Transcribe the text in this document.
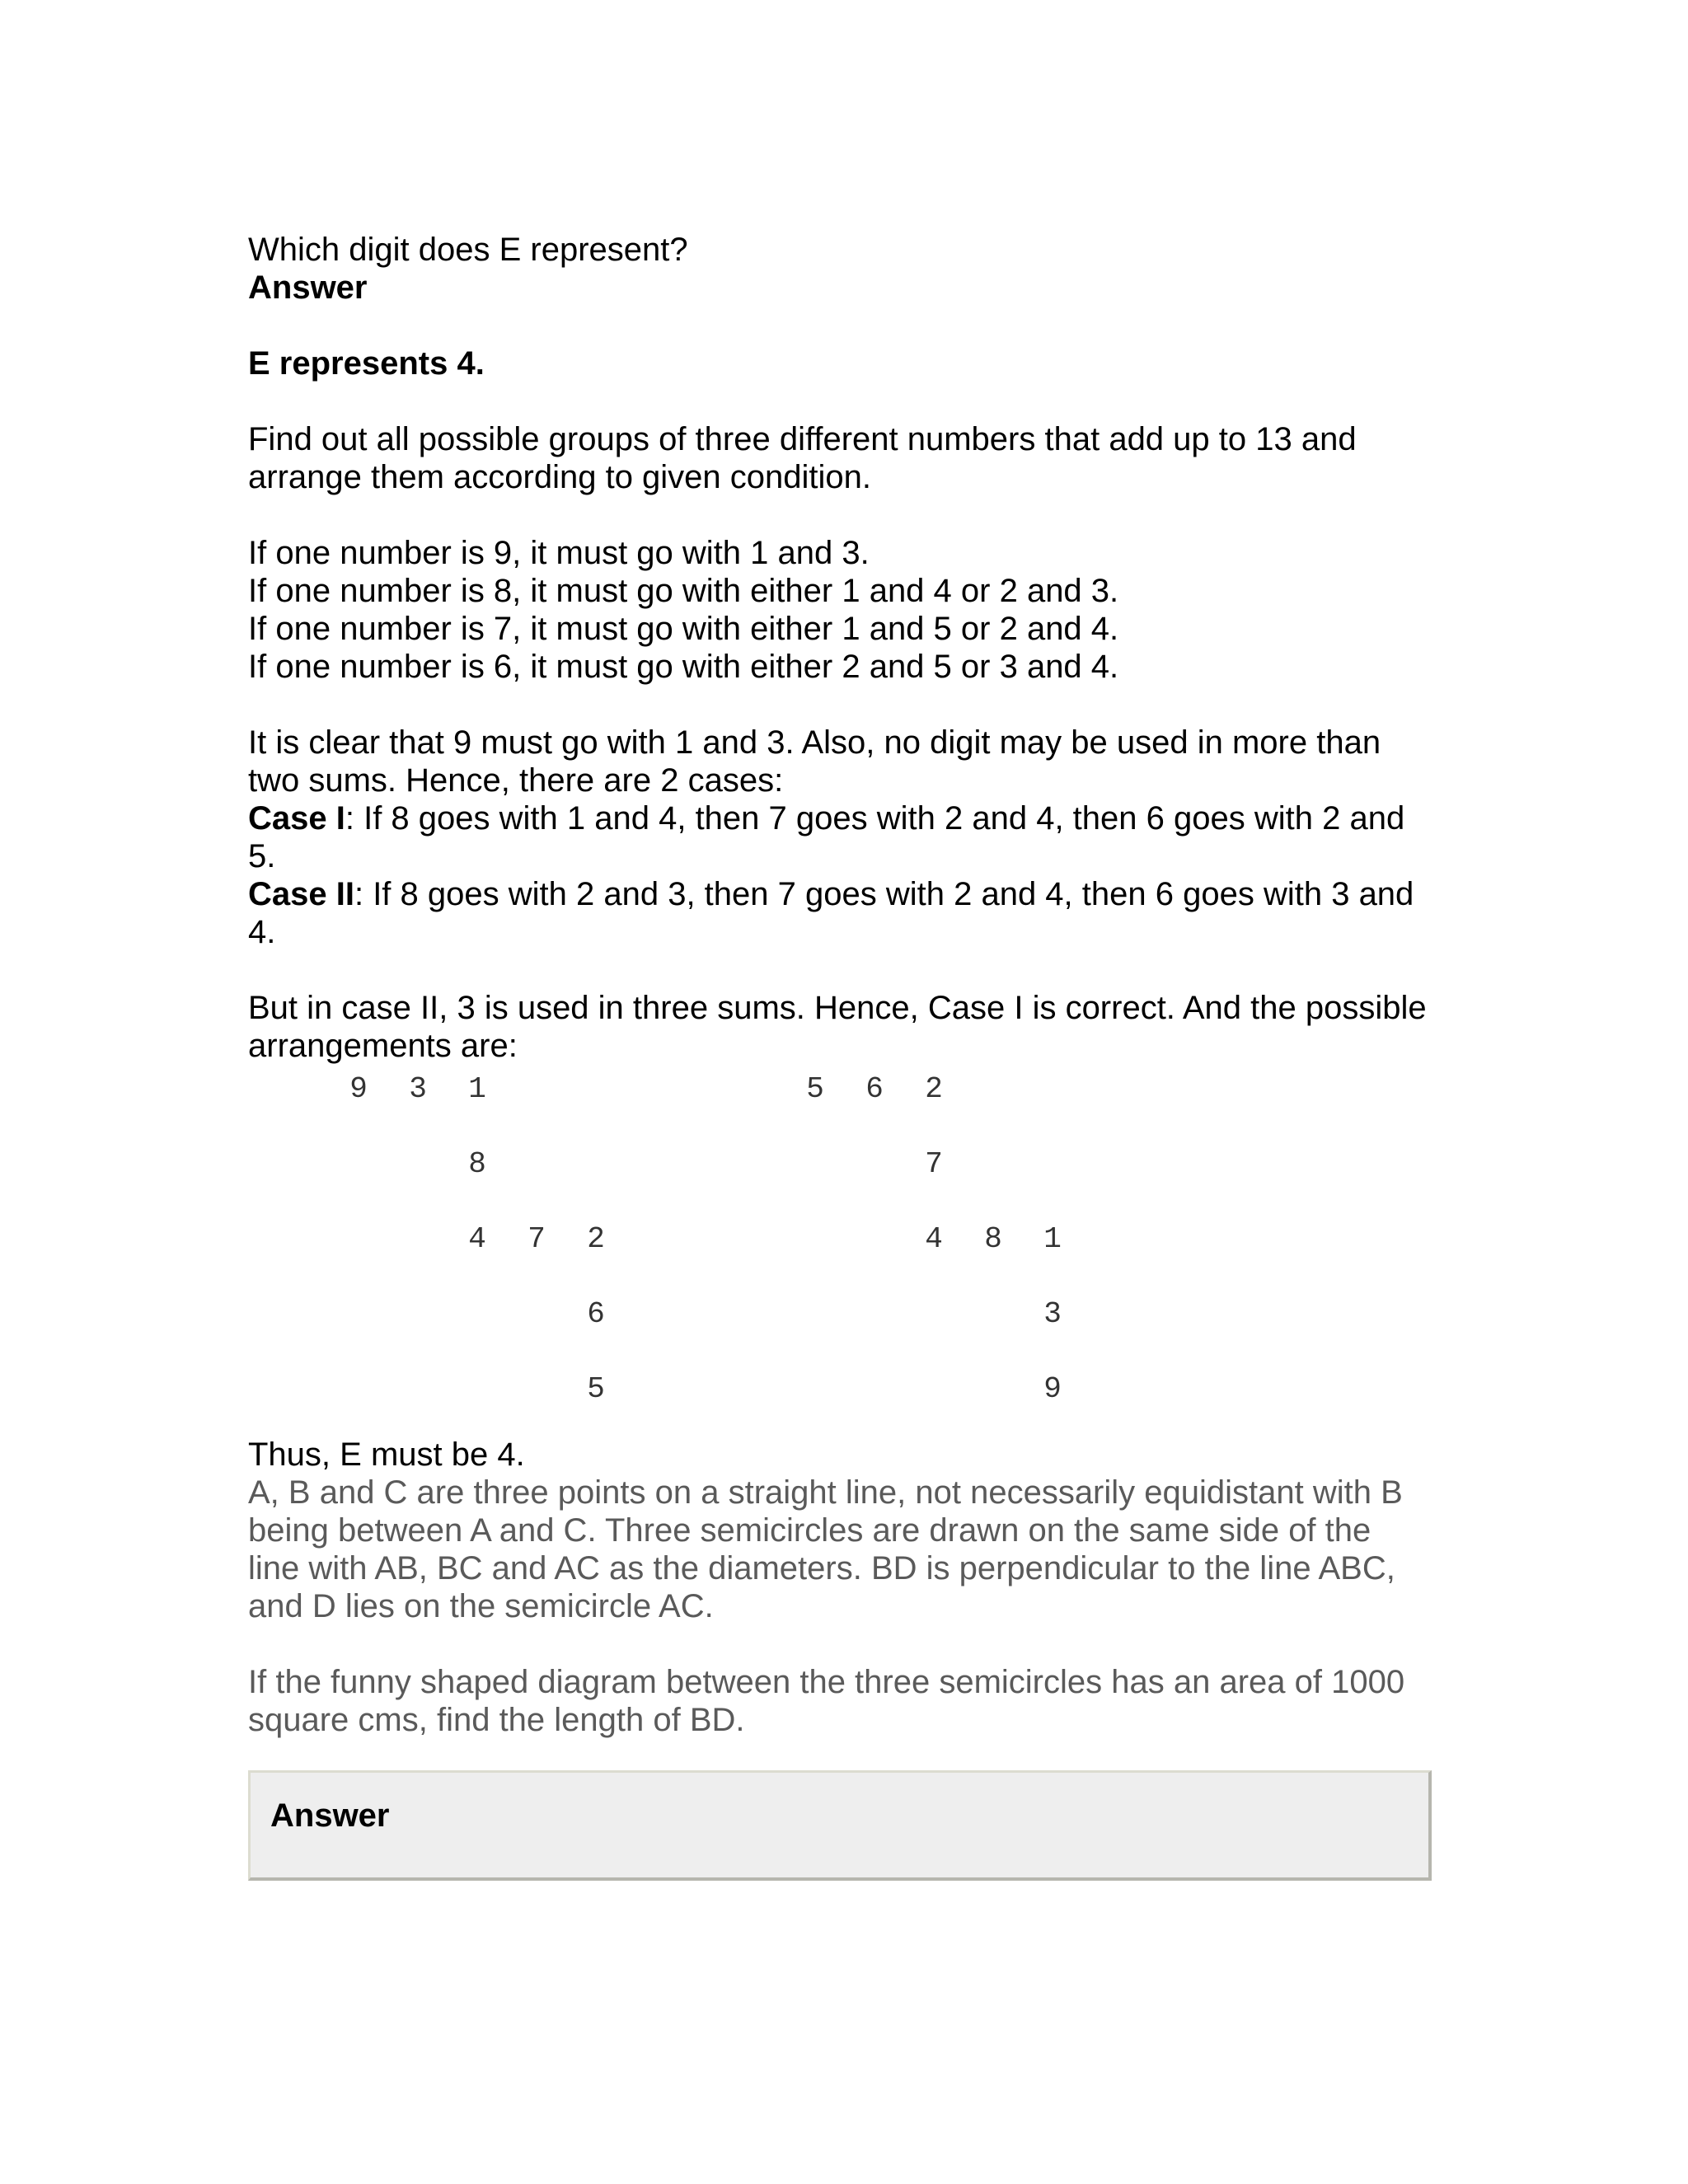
Which digit does E represent?
Answer
E represents 4.
Find out all possible groups of three different numbers that add up to 13 and
arrange them according to given condition.
If one number is 9, it must go with 1 and 3.
If one number is 8, it must go with either 1 and 4 or 2 and 3.
If one number is 7, it must go with either 1 and 5 or 2 and 4.
If one number is 6, it must go with either 2 and 5 or 3 and 4.
It is clear that 9 must go with 1 and 3. Also, no digit may be used in more than
two sums. Hence, there are 2 cases:
Case I: If 8 goes with 1 and 4, then 7 goes with 2 and 4, then 6 goes with 2 and
5.
Case II: If 8 goes with 2 and 3, then 7 goes with 2 and 4, then 6 goes with 3 and
4.
But in case II, 3 is used in three sums. Hence, Case I is correct. And the possible
arrangements are:
9 3 1
8
4 7 2
6
5
5 6 2
7
4 8 1
3
9
Thus, E must be 4.
A, B and C are three points on a straight line, not necessarily equidistant with B
being between A and C. Three semicircles are drawn on the same side of the
line with AB, BC and AC as the diameters. BD is perpendicular to the line ABC,
and D lies on the semicircle AC.
If the funny shaped diagram between the three semicircles has an area of 1000
square cms, find the length of BD.
Answer
